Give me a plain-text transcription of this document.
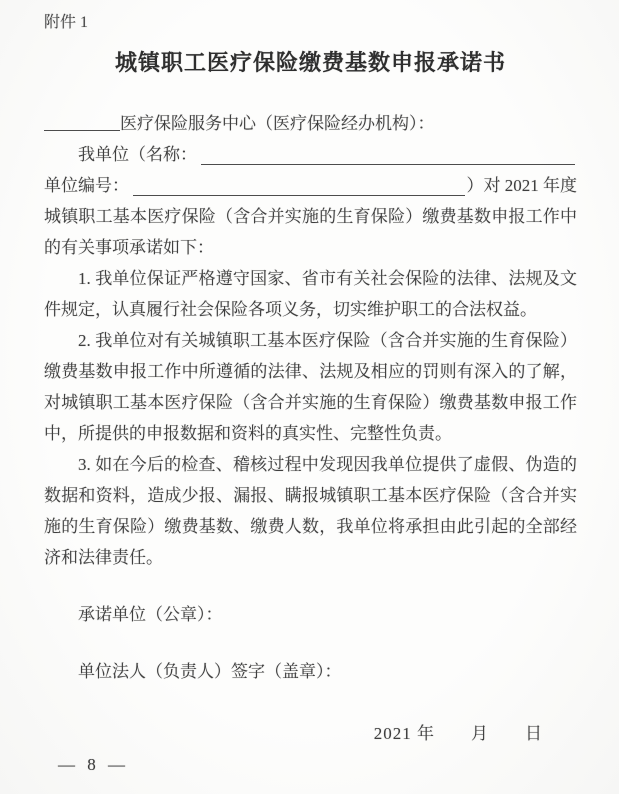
附件 1
城镇职工医疗保险缴费基数申报承诺书
医疗保险服务中心（医疗保险经办机构）：
我单位（名称：
单位编号：	）对 2021 年度

城镇职工基本医疗保险（含合并实施的生育保险）缴费基数申报工作中的有关事项承诺如下：

1. 我单位保证严格遵守国家、省市有关社会保险的法律、法规及文件规定，认真履行社会保险各项义务，切实维护职工的合法权益。

2. 我单位对有关城镇职工基本医疗保险（含合并实施的生育保险）缴费基数申报工作中所遵循的法律、法规及相应的罚则有深入的了解，对城镇职工基本医疗保险（含合并实施的生育保险）缴费基数申报工作中，所提供的申报数据和资料的真实性、完整性负责。

3. 如在今后的检查、稽核过程中发现因我单位提供了虚假、伪造的数据和资料，造成少报、漏报、瞒报城镇职工基本医疗保险（含合并实施的生育保险）缴费基数、缴费人数，我单位将承担由此引起的全部经济和法律责任。

承诺单位（公章）：
单位法人（负责人）签字（盖章）：
2021 年　　月　　日
— 8 —
